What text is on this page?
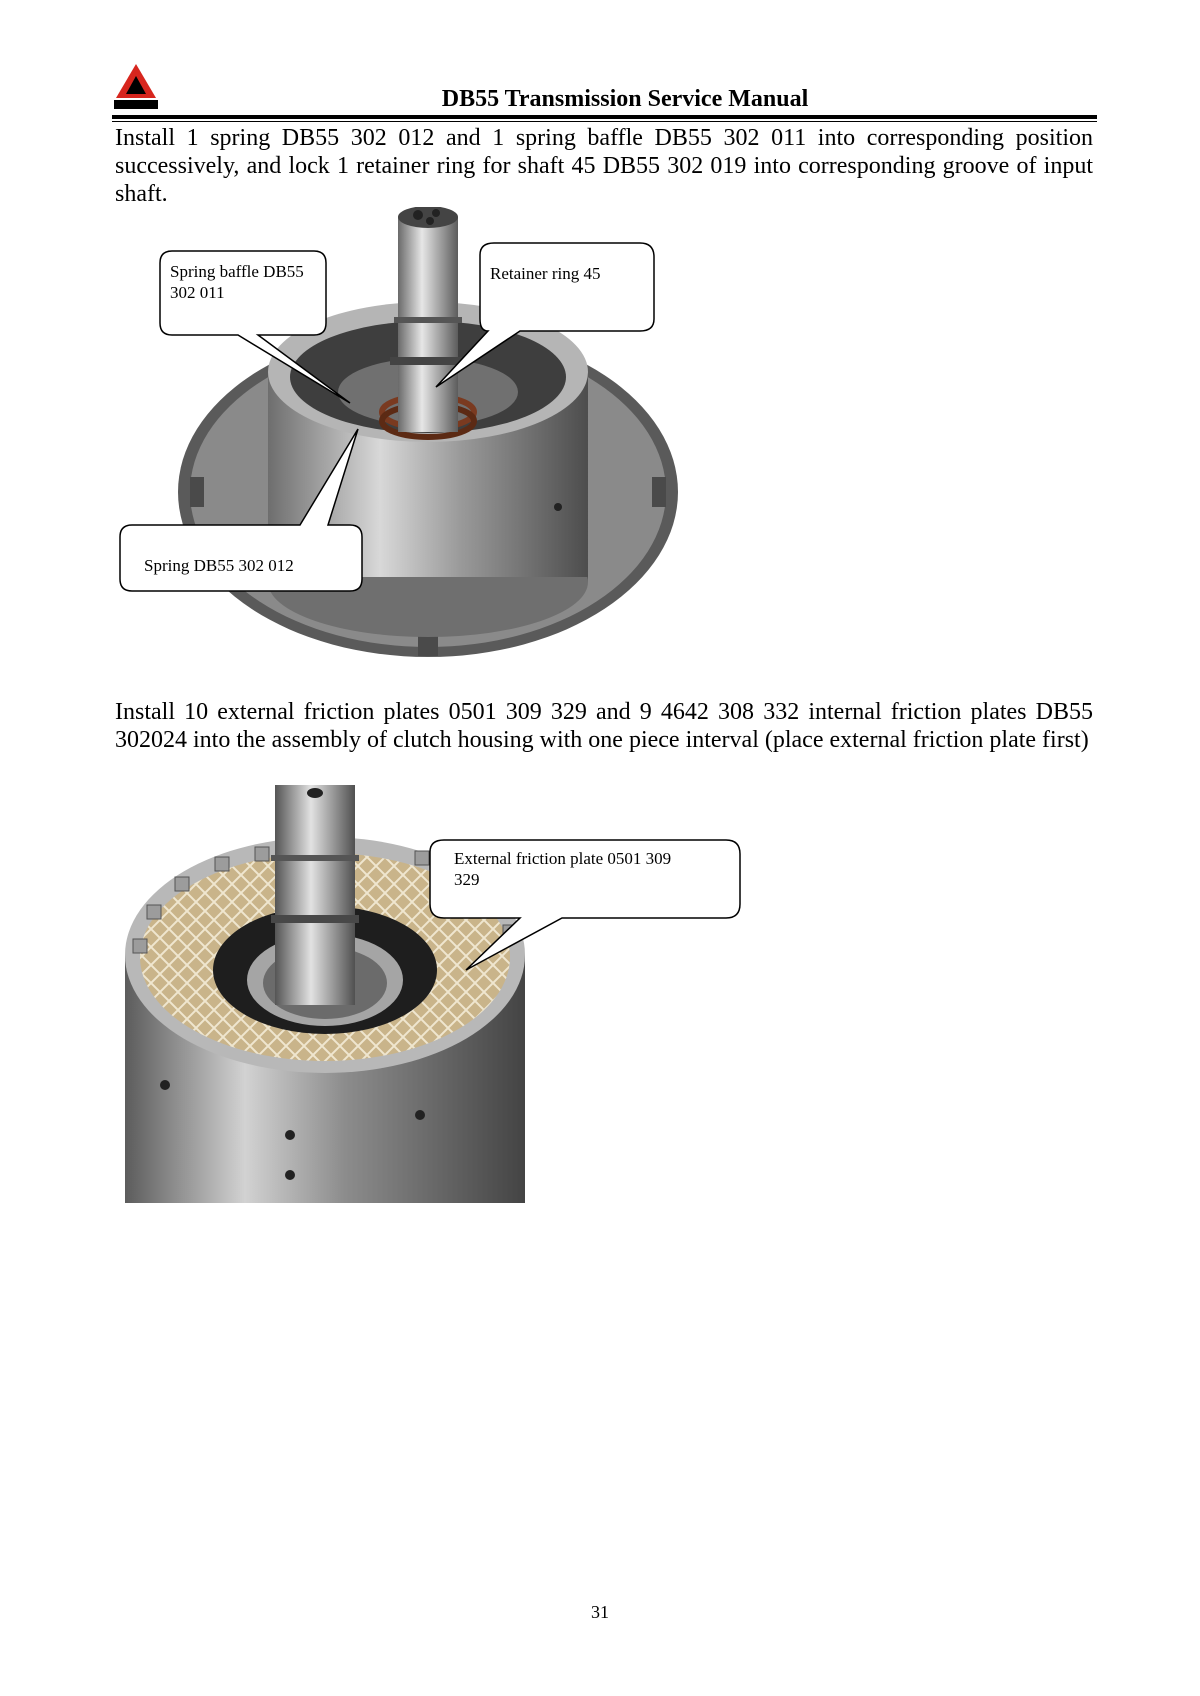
DB55 Transmission Service Manual

Install 1 spring DB55 302 012 and 1 spring baffle DB55 302 011 into corresponding position successively, and lock 1 retainer ring for shaft 45 DB55 302 019 into corresponding groove of input shaft.

Spring baffle DB55
302 011
Retainer ring 45
Spring DB55 302 012

Install 10 external friction plates 0501 309 329 and 9 4642 308 332 internal friction plates DB55 302024 into the assembly of clutch housing with one piece interval (place external friction plate first)

External friction plate 0501 309
329
31
